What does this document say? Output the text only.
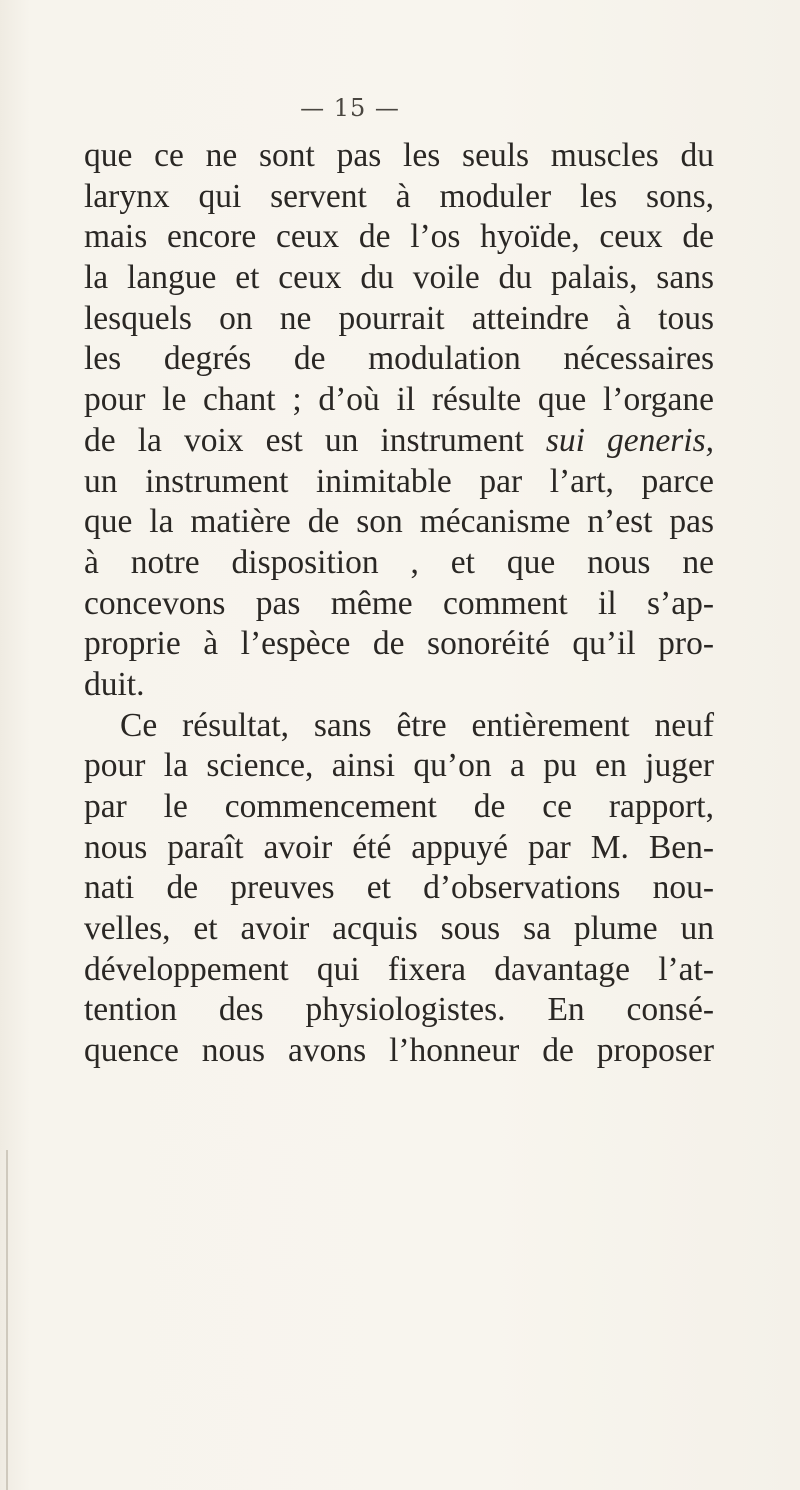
— 15 —
que ce ne sont pas les seuls muscles du
larynx qui servent à moduler les sons,
mais encore ceux de l’os hyoïde, ceux de
la langue et ceux du voile du palais, sans
lesquels on ne pourrait atteindre à tous
les degrés de modulation nécessaires
pour le chant ; d’où il résulte que l’organe
de la voix est un instrument sui generis,
un instrument inimitable par l’art, parce
que la matière de son mécanisme n’est pas
à notre disposition , et que nous ne
concevons pas même comment il s’ap-
proprie à l’espèce de sonoréité qu’il pro-
duit.
Ce résultat, sans être entièrement neuf
pour la science, ainsi qu’on a pu en juger
par le commencement de ce rapport,
nous paraît avoir été appuyé par M. Ben-
nati de preuves et d’observations nou-
velles, et avoir acquis sous sa plume un
développement qui fixera davantage l’at-
tention des physiologistes. En consé-
quence nous avons l’honneur de proposer
